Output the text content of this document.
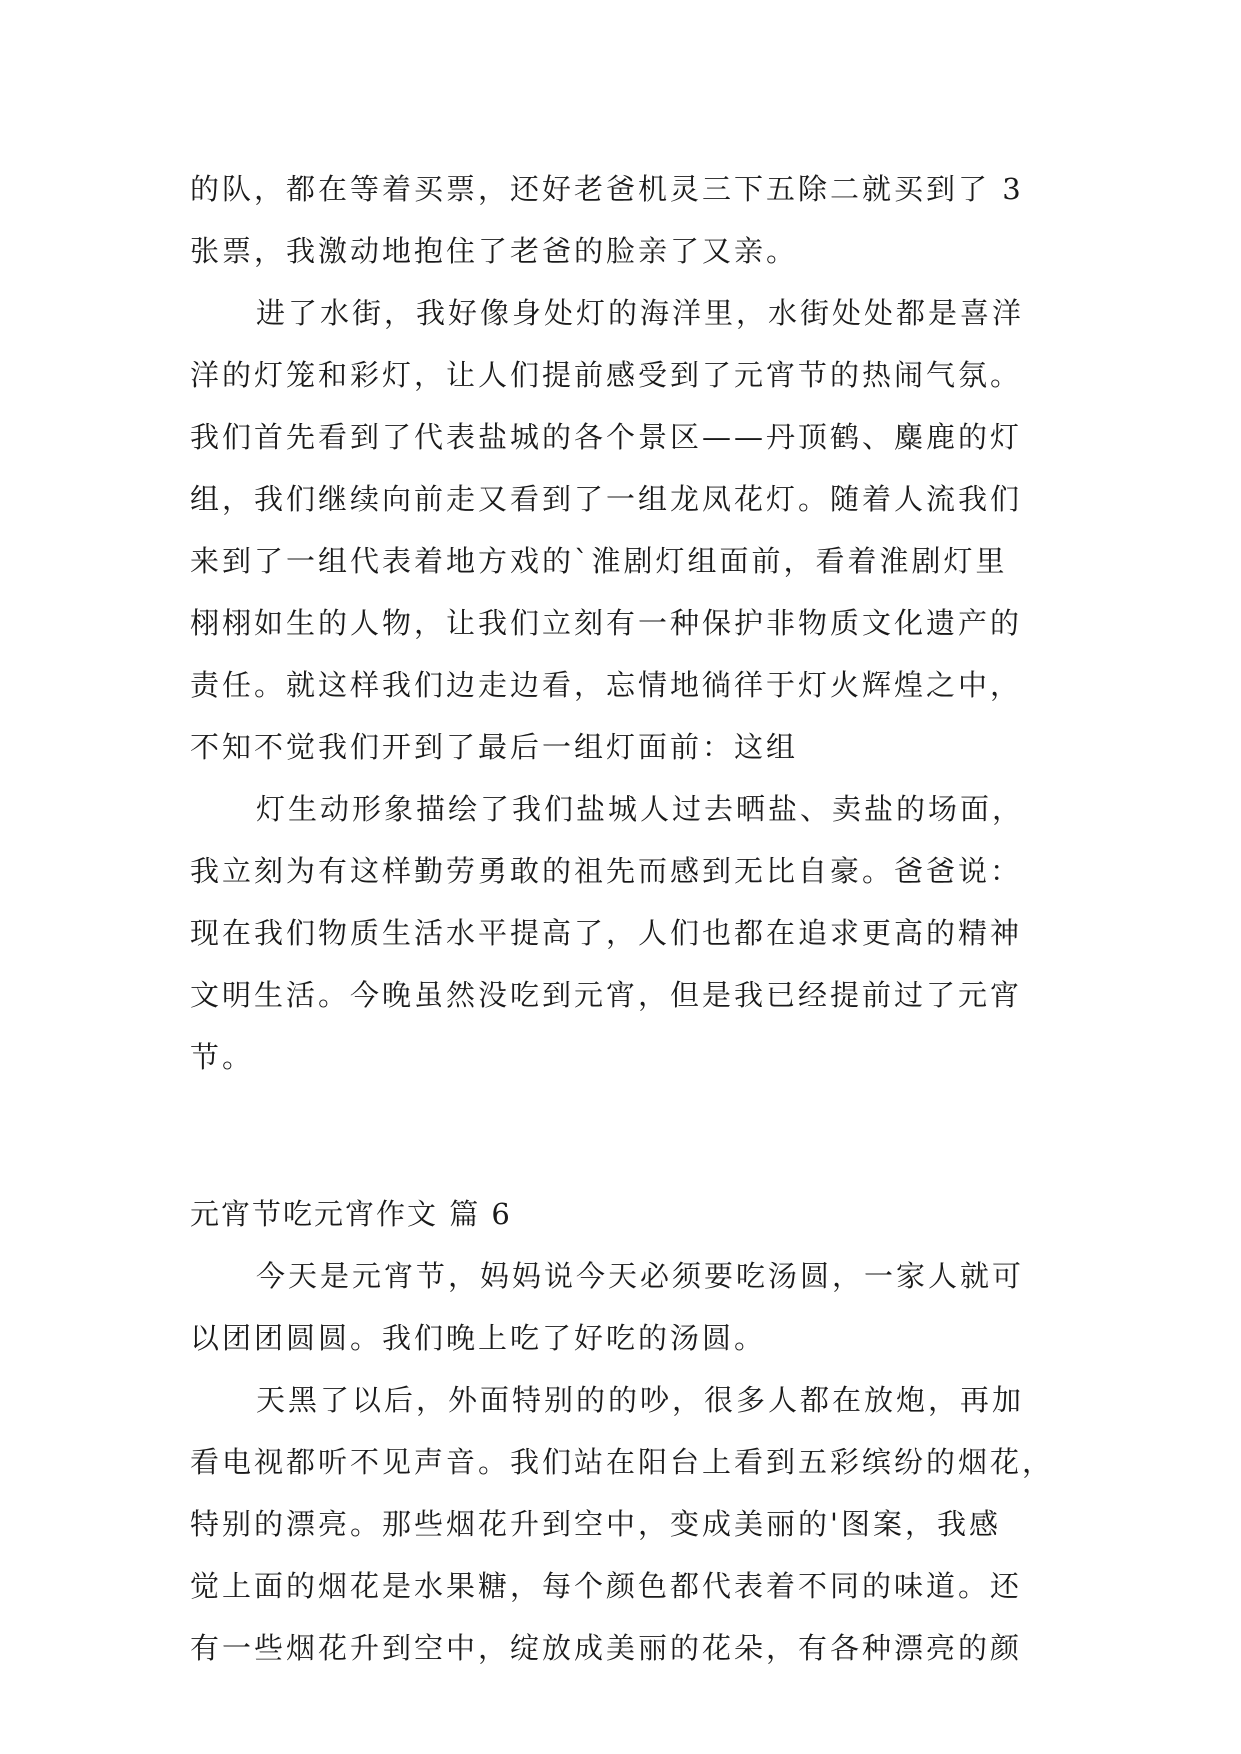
的队，都在等着买票，还好老爸机灵三下五除二就买到了 3
张票，我激动地抱住了老爸的脸亲了又亲。
进了水街，我好像身处灯的海洋里，水街处处都是喜洋
洋的灯笼和彩灯，让人们提前感受到了元宵节的热闹气氛。
我们首先看到了代表盐城的各个景区——丹顶鹤、麋鹿的灯
组，我们继续向前走又看到了一组龙凤花灯。随着人流我们
来到了一组代表着地方戏的`淮剧灯组面前，看着淮剧灯里
栩栩如生的人物，让我们立刻有一种保护非物质文化遗产的
责任。就这样我们边走边看，忘情地徜徉于灯火辉煌之中，
不知不觉我们开到了最后一组灯面前：这组
灯生动形象描绘了我们盐城人过去晒盐、卖盐的场面，
我立刻为有这样勤劳勇敢的祖先而感到无比自豪。爸爸说：
现在我们物质生活水平提高了，人们也都在追求更高的精神
文明生活。今晚虽然没吃到元宵，但是我已经提前过了元宵
节。
元宵节吃元宵作文 篇 6
今天是元宵节，妈妈说今天必须要吃汤圆，一家人就可
以团团圆圆。我们晚上吃了好吃的汤圆。
天黑了以后，外面特别的的吵，很多人都在放炮，再加
看电视都听不见声音。我们站在阳台上看到五彩缤纷的烟花，
特别的漂亮。那些烟花升到空中，变成美丽的'图案，我感
觉上面的烟花是水果糖，每个颜色都代表着不同的味道。还
有一些烟花升到空中，绽放成美丽的花朵，有各种漂亮的颜
